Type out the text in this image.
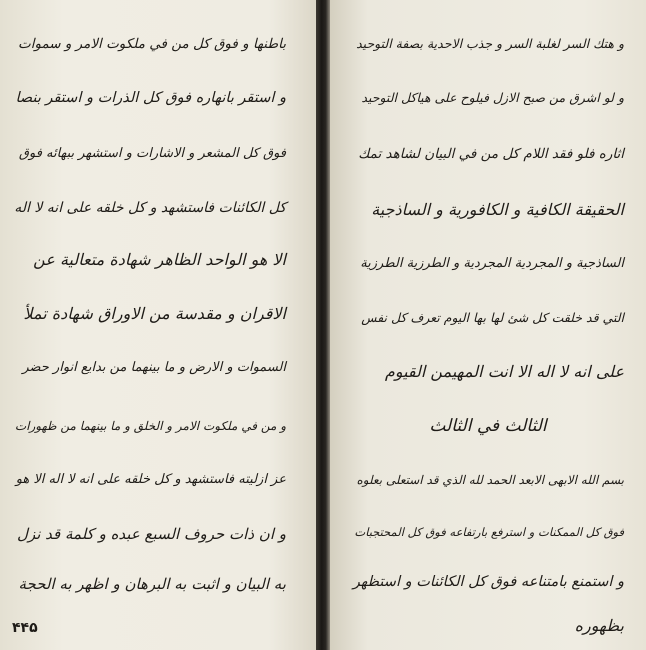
باطنها و فوق كل من في ملكوت الامر و سموات
و استقر بانهاره فوق كل الذرات و استقر بنصا
فوق كل المشعر و الاشارات و استشهر ببهائه فوق
كل الكائنات فاستشهد و كل خلقه على انه لا اله
الا هو الواحد الظاهر شهادة متعالية عن
الاقران و مقدسة من الاوراق شهادة تملأ
السموات و الارض و ما بينهما من بدايع انوار حضر
و من في ملكوت الامر و الخلق و ما بينهما من ظهورات
عز ازليته فاستشهد و كل خلقه على انه لا اله الا هو
و ان ذات حروف السبع عبده و كلمة قد نزل
به البيان و اثبت به البرهان و اظهر به الحجة
۴۴۵
و هتك السر لغلبة السر و جذب الاحدية بصفة التوحيد
و لو اشرق من صبح الازل فيلوح على هياكل التوحيد
اثاره فلو فقد اللام كل من في البيان لشاهد تمك
الحقيقة الكافية و الكافورية و الساذجية
الساذجية و المجردية المجردية و الطرزية الطرزية
التي قد خلقت كل شئ لها بها اليوم تعرف كل نفس
على انه لا اله الا انت المهيمن القيوم
الثالث في الثالث
بسم الله الابهى الابعد الحمد لله الذي قد استعلى بعلوه
فوق كل الممكنات و استرفع بارتفاعه فوق كل المحتجبات
و استمنع بامتناعه فوق كل الكائنات و استظهر
بظهوره
